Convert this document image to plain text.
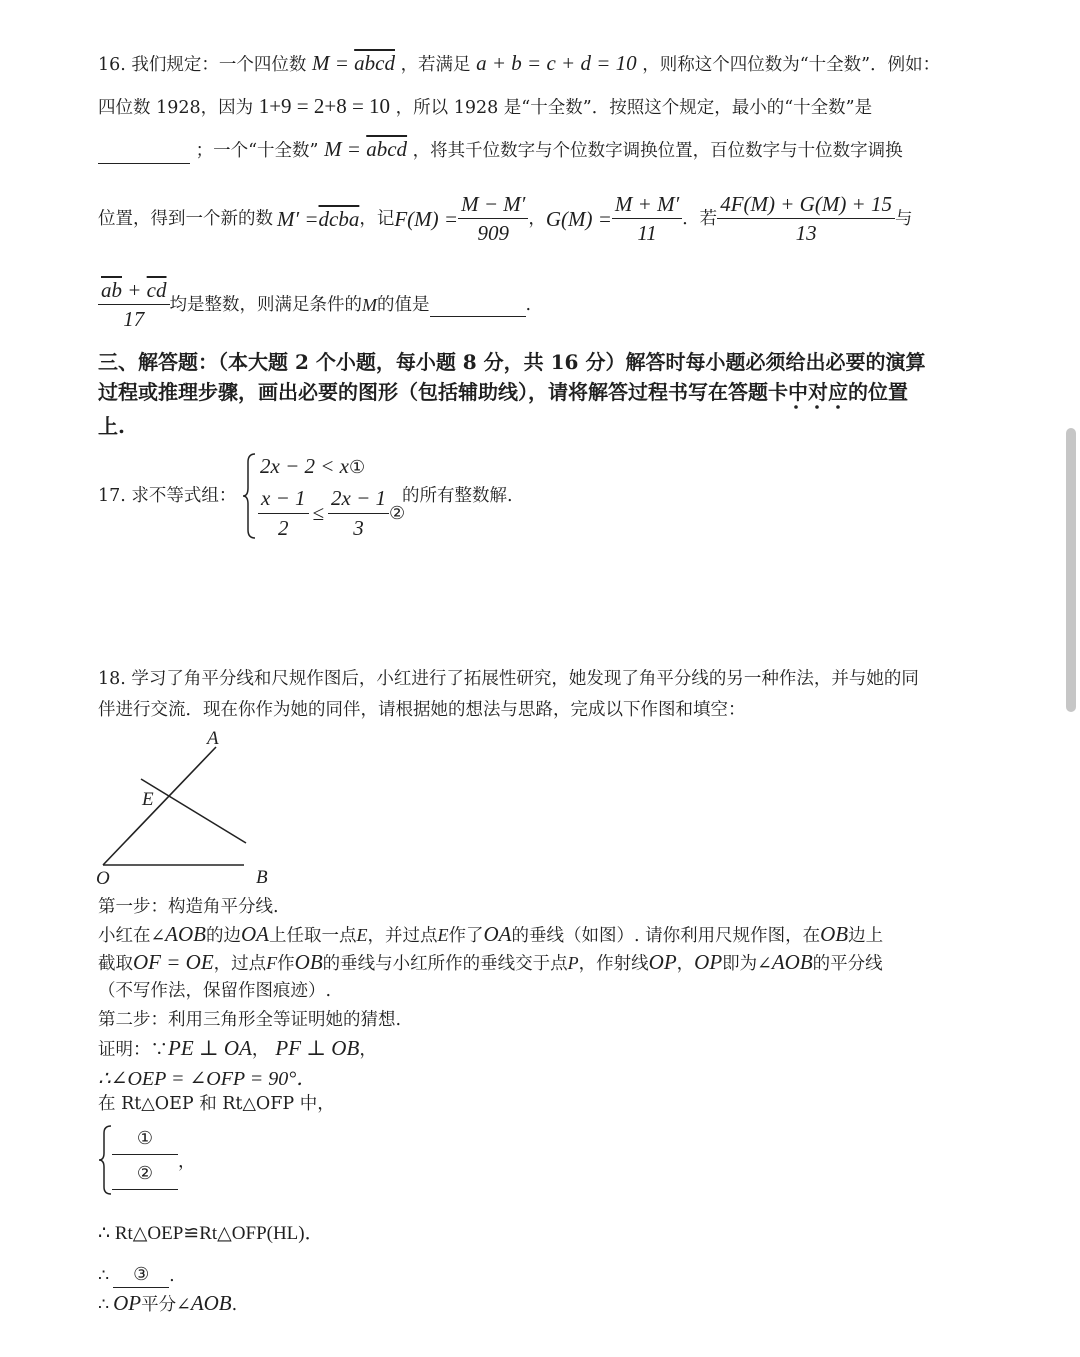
16. 我们规定：一个四位数 M = abcd ，若满足 a + b = c + d = 10 ，则称这个四位数为“十全数”．例如：
四位数 1928，因为 1+9 = 2+8 = 10 ，所以 1928 是“十全数”．按照这个规定，最小的“十全数”是
；一个“十全数” M = abcd ，将其千位数字与个位数字调换位置，百位数字与十位数字调换
位置，得到一个新的数 M′ = dcba ，记 $F(M) = \frac{M - M'}{909}$ ， $G(M) = \frac{M + M'}{11}$ ．若 $\frac{4F(M) + G(M) + 15}{13}$ 与
$\frac{\overline{ab} + \overline{cd}}{17}$ 均是整数，则满足条件的 M 的值是
	.
三、解答题：（本大题 2 个小题，每小题 8 分，共 16 分）解答时每小题必须给出必要的演算
过程或推理步骤，画出必要的图形（包括辅助线），请将解答过程书写在答题卡中对应的位置
上.
17. 求不等式组：
2x − 2 < x①
$\frac{x - 1}{2} \le \frac{2x - 1}{3}$ ②
的所有整数解.
18. 学习了角平分线和尺规作图后，小红进行了拓展性研究，她发现了角平分线的另一种作法，并与她的同
伴进行交流．现在你作为她的同伴，请根据她的想法与思路，完成以下作图和填空：
A
E
O	B
第一步：构造角平分线.
小红在∠AOB的边OA上任取一点E，并过点E作了OA的垂线（如图）. 请你利用尺规作图，在OB边上
截取OF = OE，过点F作OB的垂线与小红所作的垂线交于点P，作射线OP，OP即为∠AOB的平分线
（不写作法，保留作图痕迹）.
第二步：利用三角形全等证明她的猜想.
证明：∵PE ⊥ OA， PF ⊥ OB，
∴∠OEP = ∠OFP = 90°．
在 Rt△OEP 和 Rt△OFP 中，
①
②
，
∴ Rt△OEP≌Rt△OFP(HL)．
∴	③	.
∴ OP平分∠AOB.
